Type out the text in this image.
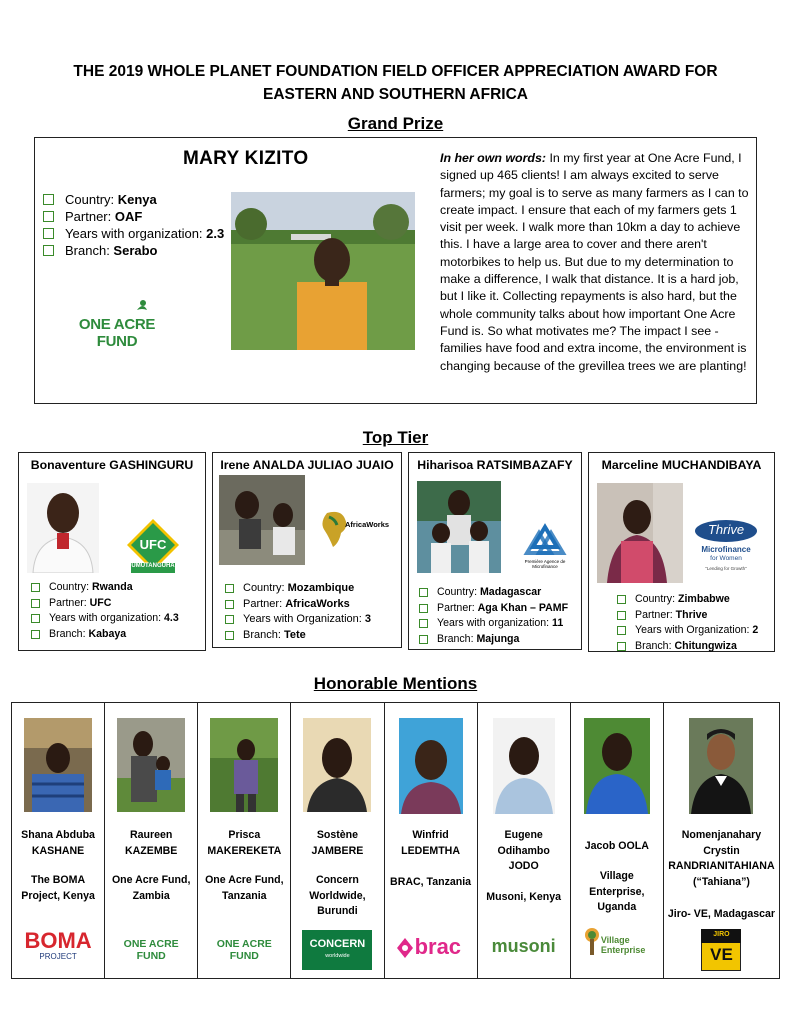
THE 2019 WHOLE PLANET FOUNDATION FIELD OFFICER APPRECIATION AWARD FOR
EASTERN AND SOUTHERN AFRICA
Grand Prize
MARY KIZITO
Country: Kenya
Partner: OAF
Years with organization: 2.3
Branch: Serabo
ONE ACRE FUND
In her own words: In my first year at One Acre Fund, I signed up 465 clients! I am always excited to serve farmers; my goal is to serve as many farmers as I can to create impact. I ensure that each of my farmers gets 1 visit per week. I walk more than 10km a day to achieve this. I have a large area to cover and there aren't motorbikes to help us. But due to my determination to make a difference, I walk that distance. It is a hard job, but I like it. Collecting repayments is also hard, but the whole community talks about how important One Acre Fund is. So what motivates me? The impact I see - families have food and extra income, the environment is changing because of the grevillea trees we are planting!
Top Tier
Bonaventure GASHINGURU
UFC
UMUTANGUHA
Country: Rwanda
Partner: UFC
Years with organization: 4.3
Branch: Kabaya
Irene ANALDA JULIAO JUAIO
AfricaWorks
Country: Mozambique
Partner: AfricaWorks
Years with Organization: 3
Branch: Tete
Hiharisoa RATSIMBAZAFY
Première Agence de Microfinance
Country: Madagascar
Partner: Aga Khan – PAMF
Years with organization: 11
Branch: Majunga
Marceline MUCHANDIBAYA
Thrive
Microfinance
for Women
"Lending for Growth"
Country: Zimbabwe
Partner: Thrive
Years with Organization: 2
Branch: Chitungwiza
Honorable Mentions
Shana Abduba
KASHANE
The BOMA
Project, Kenya
BOMA
PROJECT
Raureen
KAZEMBE
One Acre Fund,
Zambia
ONE ACRE FUND
Prisca
MAKEREKETA
One Acre Fund,
Tanzania
ONE ACRE FUND
Sostène
JAMBERE
Concern
Worldwide,
Burundi
CONCERN
worldwide
Winfrid
LEDEMTHA
BRAC, Tanzania
brac
Eugene
Odihambo
JODO
Musoni, Kenya
musoni
Jacob OOLA
Village
Enterprise,
Uganda
Village
Enterprise
Nomenjanahary
Crystin
RANDRIANITAHIANA
(“Tahiana”)
Jiro- VE, Madagascar
JIRO
VE
